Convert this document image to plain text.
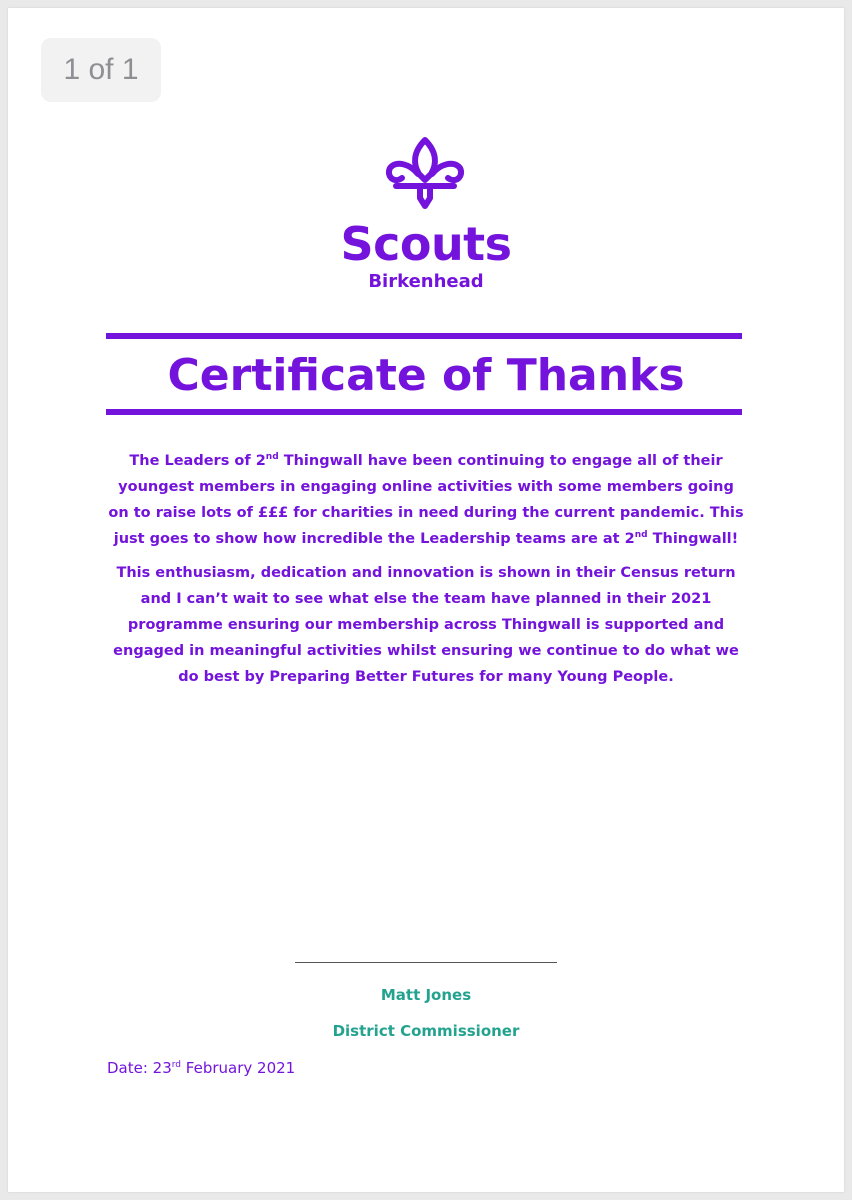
1 of 1
Scouts
Birkenhead
Certificate of Thanks

The Leaders of 2nd Thingwall have been continuing to engage all of their youngest members in engaging online activities with some members going on to raise lots of £££ for charities in need during the current pandemic. This just goes to show how incredible the Leadership teams are at 2nd Thingwall!

This enthusiasm, dedication and innovation is shown in their Census return and I can’t wait to see what else the team have planned in their 2021 programme ensuring our membership across Thingwall is supported and engaged in meaningful activities whilst ensuring we continue to do what we do best by Preparing Better Futures for many Young People.

Matt Jones
District Commissioner
Date: 23rd February 2021
